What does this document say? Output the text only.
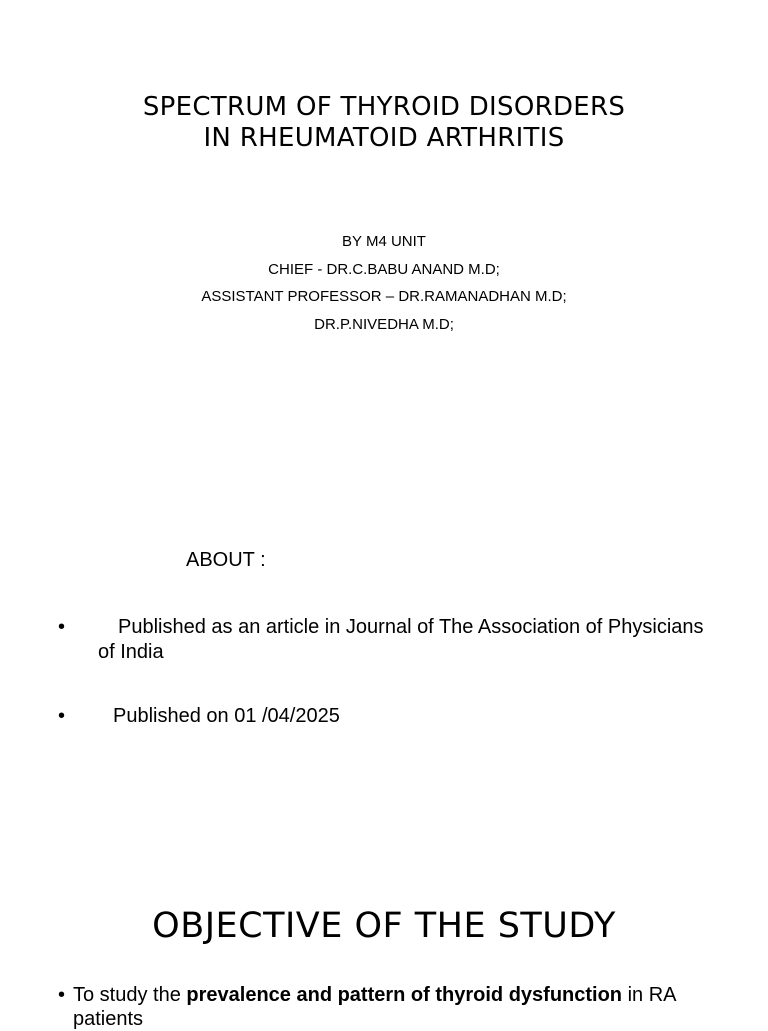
SPECTRUM OF THYROID DISORDERS
IN RHEUMATOID ARTHRITIS
BY M4 UNIT
CHIEF - DR.C.BABU ANAND M.D;
ASSISTANT PROFESSOR – DR.RAMANADHAN M.D;
DR.P.NIVEDHA M.D;
ABOUT :
•	Published as an article in Journal of The Association of Physicians of India
•	Published on 01 /04/2025
OBJECTIVE OF THE STUDY
• To study the prevalence and pattern of thyroid dysfunction in RA patients
